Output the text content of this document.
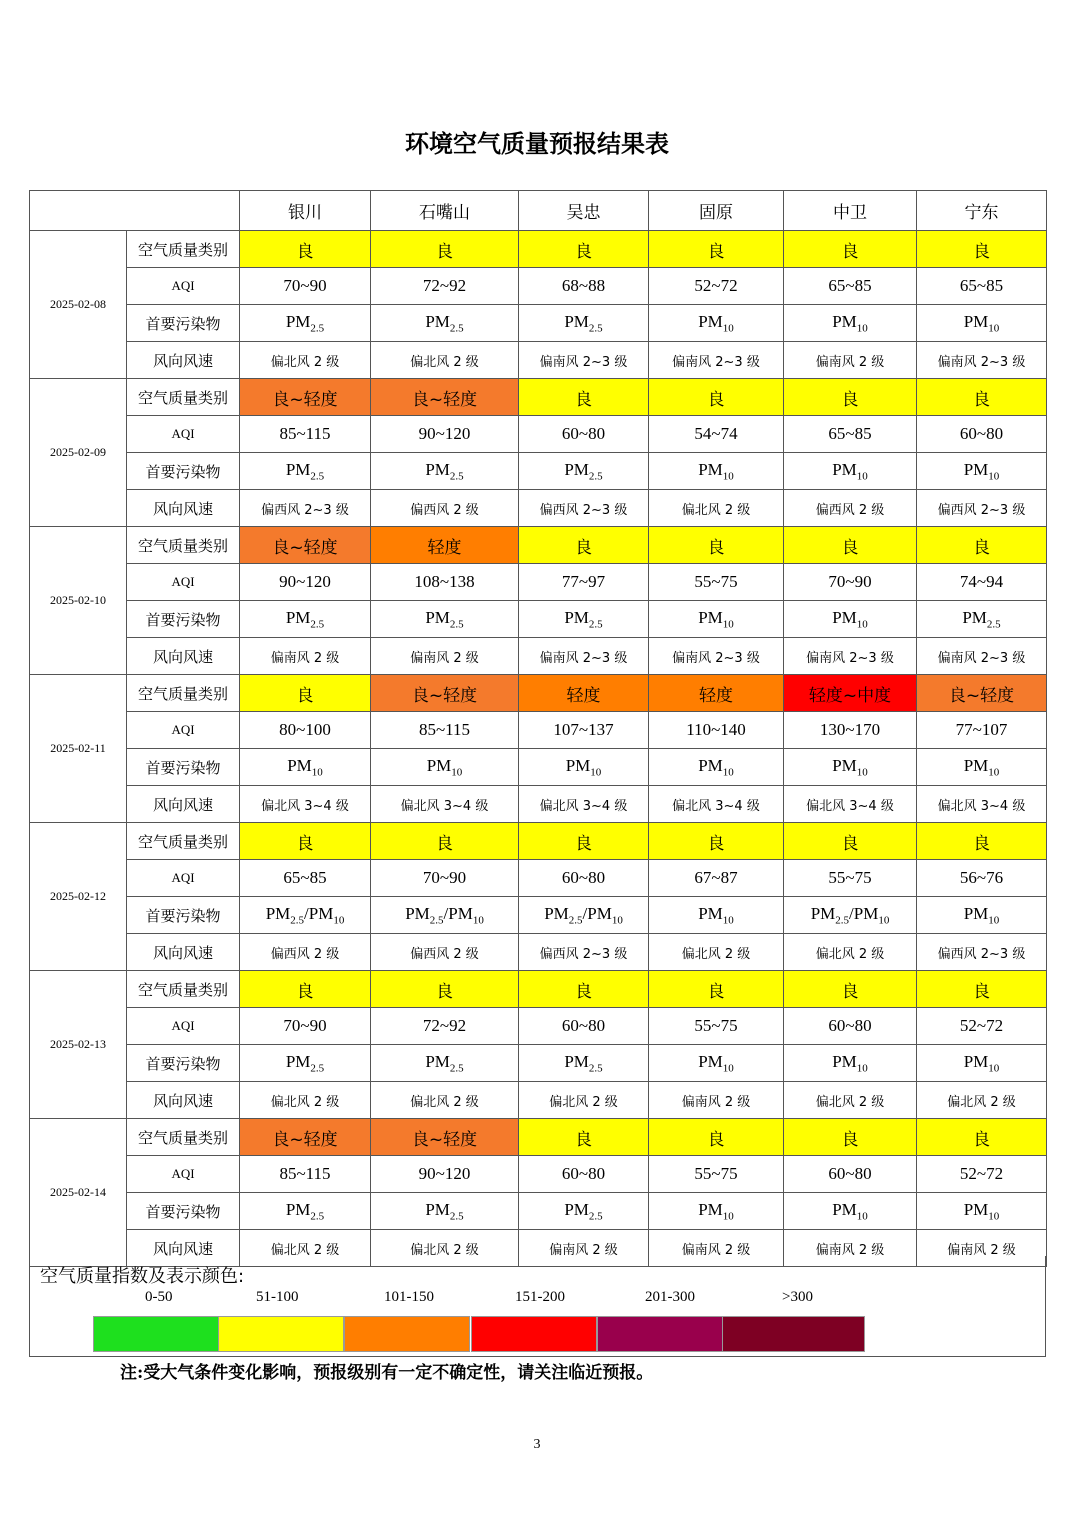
环境空气质量预报结果表
		银川	石嘴山	吴忠	固原	中卫	宁东
2025-02-08	空气质量类别	良	良	良	良	良	良
	AQI	70~90	72~92	68~88	52~72	65~85	65~85
	首要污染物	$PM_{2.5}$	$PM_{2.5}$	$PM_{2.5}$	$PM_{10}$	$PM_{10}$	$PM_{10}$
	风向风速	偏北风 2 级	偏北风 2 级	偏南风 2~3 级	偏南风 2~3 级	偏南风 2 级	偏南风 2~3 级
2025-02-09	空气质量类别	良~轻度	良~轻度	良	良	良	良
	AQI	85~115	90~120	60~80	54~74	65~85	60~80
	首要污染物	$PM_{2.5}$	$PM_{2.5}$	$PM_{2.5}$	$PM_{10}$	$PM_{10}$	$PM_{10}$
	风向风速	偏西风 2~3 级	偏西风 2 级	偏西风 2~3 级	偏北风 2 级	偏西风 2 级	偏西风 2~3 级
2025-02-10	空气质量类别	良~轻度	轻度	良	良	良	良
	AQI	90~120	108~138	77~97	55~75	70~90	74~94
	首要污染物	$PM_{2.5}$	$PM_{2.5}$	$PM_{2.5}$	$PM_{10}$	$PM_{10}$	$PM_{2.5}$
	风向风速	偏南风 2 级	偏南风 2 级	偏南风 2~3 级	偏南风 2~3 级	偏南风 2~3 级	偏南风 2~3 级
2025-02-11	空气质量类别	良	良~轻度	轻度	轻度	轻度~中度	良~轻度
	AQI	80~100	85~115	107~137	110~140	130~170	77~107
	首要污染物	$PM_{10}$	$PM_{10}$	$PM_{10}$	$PM_{10}$	$PM_{10}$	$PM_{10}$
	风向风速	偏北风 3~4 级	偏北风 3~4 级	偏北风 3~4 级	偏北风 3~4 级	偏北风 3~4 级	偏北风 3~4 级
2025-02-12	空气质量类别	良	良	良	良	良	良
	AQI	65~85	70~90	60~80	67~87	55~75	56~76
	首要污染物	$PM_{2.5}/PM_{10}$	$PM_{2.5}/PM_{10}$	$PM_{2.5}/PM_{10}$	$PM_{10}$	$PM_{2.5}/PM_{10}$	$PM_{10}$
	风向风速	偏西风 2 级	偏西风 2 级	偏西风 2~3 级	偏北风 2 级	偏北风 2 级	偏西风 2~3 级
2025-02-13	空气质量类别	良	良	良	良	良	良
	AQI	70~90	72~92	60~80	55~75	60~80	52~72
	首要污染物	$PM_{2.5}$	$PM_{2.5}$	$PM_{2.5}$	$PM_{10}$	$PM_{10}$	$PM_{10}$
	风向风速	偏北风 2 级	偏北风 2 级	偏北风 2 级	偏南风 2 级	偏北风 2 级	偏北风 2 级
2025-02-14	空气质量类别	良~轻度	良~轻度	良	良	良	良
	AQI	85~115	90~120	60~80	55~75	60~80	52~72
	首要污染物	$PM_{2.5}$	$PM_{2.5}$	$PM_{2.5}$	$PM_{10}$	$PM_{10}$	$PM_{10}$
	风向风速	偏北风 2 级	偏北风 2 级	偏南风 2 级	偏南风 2 级	偏南风 2 级	偏南风 2 级
空气质量指数及表示颜色:
0-50	51-100	101-150	151-200	201-300	>300
注:受大气条件变化影响，预报级别有一定不确定性，请关注临近预报。
3
